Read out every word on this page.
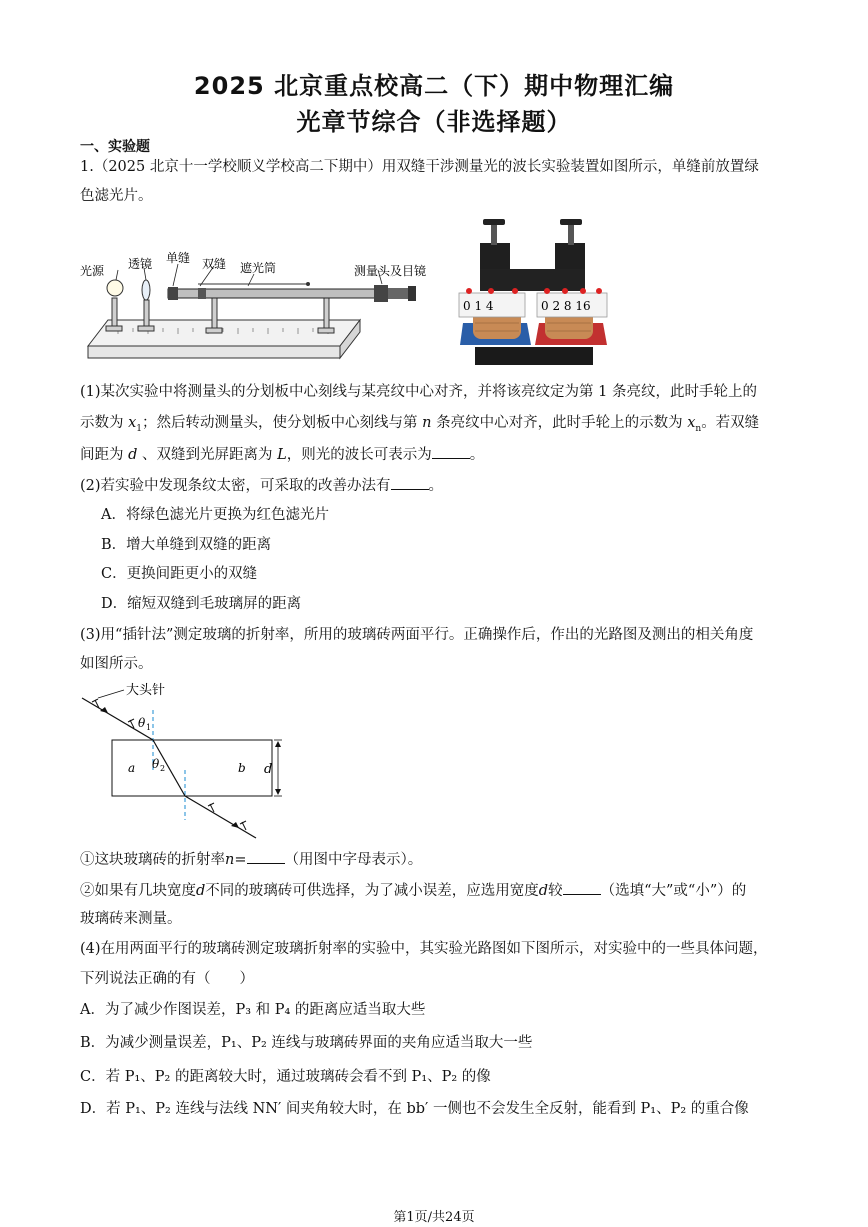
2025 北京重点校高二（下）期中物理汇编
光章节综合（非选择题）
一、实验题
1.（2025 北京十一学校顺义学校高二下期中）用双缝干涉测量光的波长实验装置如图所示，单缝前放置绿
色滤光片。
光源 透镜 单缝 双缝 遮光筒	测量头及目镜
0 1 4	0 2 8 16
(1)某次实验中将测量头的分划板中心刻线与某亮纹中心对齐，并将该亮纹定为第 1 条亮纹，此时手轮上的
示数为 $x_1$；然后转动测量头，使分划板中心刻线与第 n 条亮纹中心对齐，此时手轮上的示数为 $x_n$。若双缝
间距为 d 、双缝到光屏距离为 L，则光的波长可表示为	。
(2)若实验中发现条纹太密，可采取的改善办法有	。
A．将绿色滤光片更换为红色滤光片
B．增大单缝到双缝的距离
C．更换间距更小的双缝
D．缩短双缝到毛玻璃屏的距离
(3)用“插针法”测定玻璃的折射率，所用的玻璃砖两面平行。正确操作后，作出的光路图及测出的相关角度
如图所示。
大头针
θ 1
θ 2
a	b d
①这块玻璃砖的折射率n=	（用图中字母表示）。
②如果有几块宽度d不同的玻璃砖可供选择，为了减小误差，应选用宽度d较	（选填“大”或“小”）的
玻璃砖来测量。
(4)在用两面平行的玻璃砖测定玻璃折射率的实验中，其实验光路图如下图所示，对实验中的一些具体问题，
下列说法正确的有（　　）
A．为了减少作图误差，P₃ 和 P₄ 的距离应适当取大些
B．为减少测量误差，P₁、P₂ 连线与玻璃砖界面的夹角应适当取大一些
C．若 P₁、P₂ 的距离较大时，通过玻璃砖会看不到 P₁、P₂ 的像
D．若 P₁、P₂ 连线与法线 NN′ 间夹角较大时，在 bb′ 一侧也不会发生全反射，能看到 P₁、P₂ 的重合像
第1页/共24页
